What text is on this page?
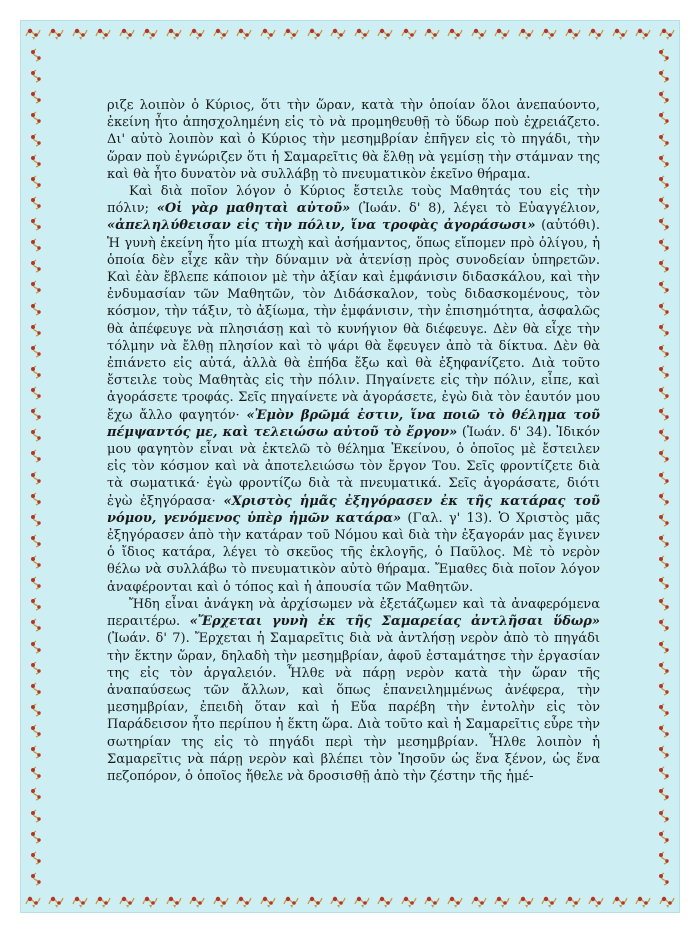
ριζε λοιπὸν ὁ Κύριος, ὅτι τὴν ὥραν, κατὰ τὴν ὁποίαν ὅλοι ἀνεπαύοντο, ἐκείνη ἦτο ἀπησχολημένη εἰς τὸ νὰ προμηθευθῇ τὸ ὕδωρ ποὺ ἐχρειάζετο. Δι' αὐτὸ λοιπὸν καὶ ὁ Κύριος τὴν μεσημβρίαν ἐπῆγεν εἰς τὸ πηγάδι, τὴν ὥραν ποὺ ἐγνώριζεν ὅτι ἡ Σαμαρεῖτις θὰ ἔλθῃ νὰ γεμίσῃ τὴν στάμναν της καὶ θὰ ἦτο δυνατὸν νὰ συλλάβῃ τὸ πνευματικὸν ἐκεῖνο θήραμα.

Καὶ διὰ ποῖον λόγον ὁ Κύριος ἔστειλε τοὺς Μαθητάς του εἰς τὴν πόλιν; «Οἱ γὰρ μαθηταὶ αὐτοῦ» (Ἰωάν. δ' 8), λέγει τὸ Εὐαγγέλιον, «ἀπεληλύθεισαν εἰς τὴν πόλιν, ἵνα τροφὰς ἀγοράσωσι» (αὐτόθι). Ἡ γυνὴ ἐκείνη ἦτο μία πτωχὴ καὶ ἀσήμαντος, ὅπως εἴπομεν πρὸ ὀλίγου, ἡ ὁποία δὲν εἶχε κἂν τὴν δύναμιν νὰ ἀτενίσῃ πρὸς συνοδείαν ὑπηρετῶν. Καὶ ἐὰν ἔβλεπε κάποιον μὲ τὴν ἀξίαν καὶ ἐμφάνισιν διδασκάλου, καὶ τὴν ἐνδυμασίαν τῶν Μαθητῶν, τὸν Διδάσκαλον, τοὺς διδασκομένους, τὸν κόσμον, τὴν τάξιν, τὸ ἀξίωμα, τὴν ἐμφάνισιν, τὴν ἐπισημότητα, ἀσφαλῶς θὰ ἀπέφευγε νὰ πλησιάσῃ καὶ τὸ κυνήγιον θὰ διέφευγε. Δὲν θὰ εἶχε τὴν τόλμην νὰ ἔλθῃ πλησίον καὶ τὸ ψάρι θὰ ἔφευγεν ἀπὸ τὰ δίκτυα. Δὲν θὰ ἐπιάνετο εἰς αὐτά, ἀλλὰ θὰ ἐπήδα ἔξω καὶ θὰ ἐξηφανίζετο. Διὰ τοῦτο ἔστειλε τοὺς Μαθητὰς εἰς τὴν πόλιν. Πηγαίνετε εἰς τὴν πόλιν, εἶπε, καὶ ἀγοράσετε τροφάς. Σεῖς πηγαίνετε νὰ ἀγοράσετε, ἐγὼ διὰ τὸν ἑαυτόν μου ἔχω ἄλλο φαγητόν· «Ἐμὸν βρῶμά ἐστιν, ἵνα ποιῶ τὸ θέλημα τοῦ πέμψαντός με, καὶ τελειώσω αὐτοῦ τὸ ἔργον» (Ἰωάν. δ' 34). Ἰδικόν μου φαγητὸν εἶναι νὰ ἐκτελῶ τὸ θέλημα Ἐκείνου, ὁ ὁποῖος μὲ ἔστειλεν εἰς τὸν κόσμον καὶ νὰ ἀποτελειώσω τὸν ἔργον Του. Σεῖς φροντίζετε διὰ τὰ σωματικά· ἐγὼ φροντίζω διὰ τὰ πνευματικά. Σεῖς ἀγοράσατε, διότι ἐγὼ ἐξηγόρασα· «Χριστὸς ἡμᾶς ἐξηγόρασεν ἐκ τῆς κατάρας τοῦ νόμου, γενόμενος ὑπὲρ ἡμῶν κατάρα» (Γαλ. γ' 13). Ὁ Χριστὸς μᾶς ἐξηγόρασεν ἀπὸ τὴν κατάραν τοῦ Νόμου καὶ διὰ τὴν ἐξαγοράν μας ἔγινεν ὁ ἴδιος κατάρα, λέγει τὸ σκεῦος τῆς ἐκλογῆς, ὁ Παῦλος. Μὲ τὸ νερὸν θέλω νὰ συλλάβω τὸ πνευματικὸν αὐτὸ θήραμα. Ἔμαθες διὰ ποῖον λόγον ἀναφέρονται καὶ ὁ τόπος καὶ ἡ ἀπουσία τῶν Μαθητῶν.

Ἤδη εἶναι ἀνάγκη νὰ ἀρχίσωμεν νὰ ἐξετάζωμεν καὶ τὰ ἀναφερόμενα περαιτέρω. «Ἔρχεται γυνὴ ἐκ τῆς Σαμαρείας ἀντλῆσαι ὕδωρ» (Ἰωάν. δ' 7). Ἔρχεται ἡ Σαμαρεῖτις διὰ νὰ ἀντλήσῃ νερὸν ἀπὸ τὸ πηγάδι τὴν ἕκτην ὥραν, δηλαδὴ τὴν μεσημβρίαν, ἀφοῦ ἐσταμάτησε τὴν ἐργασίαν της εἰς τὸν ἀργαλειόν. Ἦλθε νὰ πάρῃ νερὸν κατὰ τὴν ὥραν τῆς ἀναπαύσεως τῶν ἄλλων, καὶ ὅπως ἐπανειλημμένως ἀνέφερα, τὴν μεσημβρίαν, ἐπειδὴ ὅταν καὶ ἡ Εὔα παρέβη τὴν ἐντολὴν εἰς τὸν Παράδεισον ἦτο περίπου ἡ ἕκτη ὥρα. Διὰ τοῦτο καὶ ἡ Σαμαρεῖτις εὗρε τὴν σωτηρίαν της εἰς τὸ πηγάδι περὶ τὴν μεσημβρίαν. Ἦλθε λοιπὸν ἡ Σαμαρεῖτις νὰ πάρῃ νερὸν καὶ βλέπει τὸν Ἰησοῦν ὡς ἕνα ξένον, ὡς ἕνα πεζοπόρον, ὁ ὁποῖος ἤθελε νὰ δροσισθῇ ἀπὸ τὴν ζέστην τῆς ἡμέ-
